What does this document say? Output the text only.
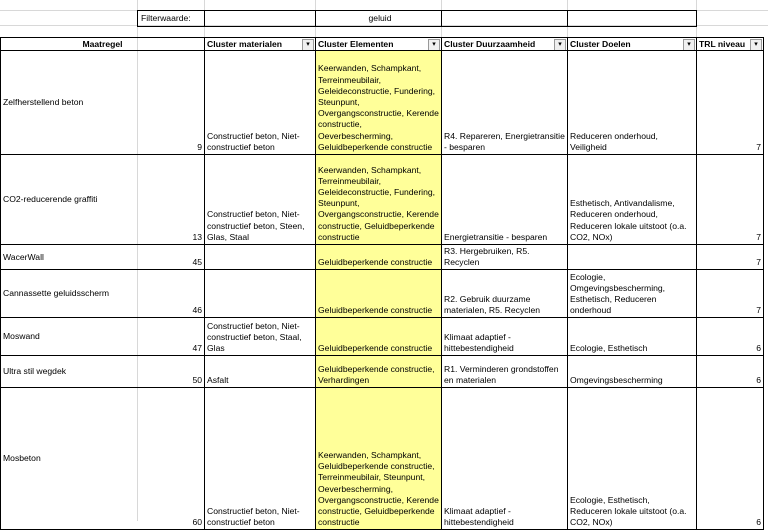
Filterwaarde:	geluid
Maatregel		Cluster materialen ▾	Cluster Elementen ▾	Cluster Duurzaamheid ▾	Cluster Doelen ▾	TRL niveau ▾

Zelfherstellend beton	9	Constructief beton, Niet-constructief beton	Keerwanden, Schampkant, Terreinmeubilair, Geleideconstructie, Fundering, Steunpunt, Overgangsconstructie, Kerende constructie, Oeverbescherming, Geluidbeperkende constructie	R4. Repareren, Energietransitie - besparen	Reduceren onderhoud, Veiligheid	7
CO2-reducerende graffiti	13	Constructief beton, Niet-constructief beton, Steen, Glas, Staal	Keerwanden, Schampkant, Terreinmeubilair, Geleideconstructie, Fundering, Steunpunt, Overgangsconstructie, Kerende constructie, Geluidbeperkende constructie	Energietransitie - besparen	Esthetisch, Antivandalisme, Reduceren onderhoud, Reduceren lokale uitstoot (o.a. CO2, NOx)	7
WacerWall	45		Geluidbeperkende constructie	R3. Hergebruiken, R5. Recyclen		7
Cannassette geluidsscherm	46		Geluidbeperkende constructie	R2. Gebruik duurzame materialen, R5. Recyclen	Ecologie, Omgevingsbescherming, Esthetisch, Reduceren onderhoud	7
Moswand	47	Constructief beton, Niet-constructief beton, Staal, Glas	Geluidbeperkende constructie	Klimaat adaptief - hittebestendigheid	Ecologie, Esthetisch	6
Ultra stil wegdek	50	Asfalt	Geluidbeperkende constructie, Verhardingen	R1. Verminderen grondstoffen en materialen	Omgevingsbescherming	6
Mosbeton	60	Constructief beton, Niet-constructief beton	Keerwanden, Schampkant, Geluidbeperkende constructie, Terreinmeubilair, Steunpunt, Oeverbescherming, Overgangsconstructie, Kerende constructie, Geluidbeperkende constructie	Klimaat adaptief - hittebestendigheid	Ecologie, Esthetisch, Reduceren lokale uitstoot (o.a. CO2, NOx)	6
